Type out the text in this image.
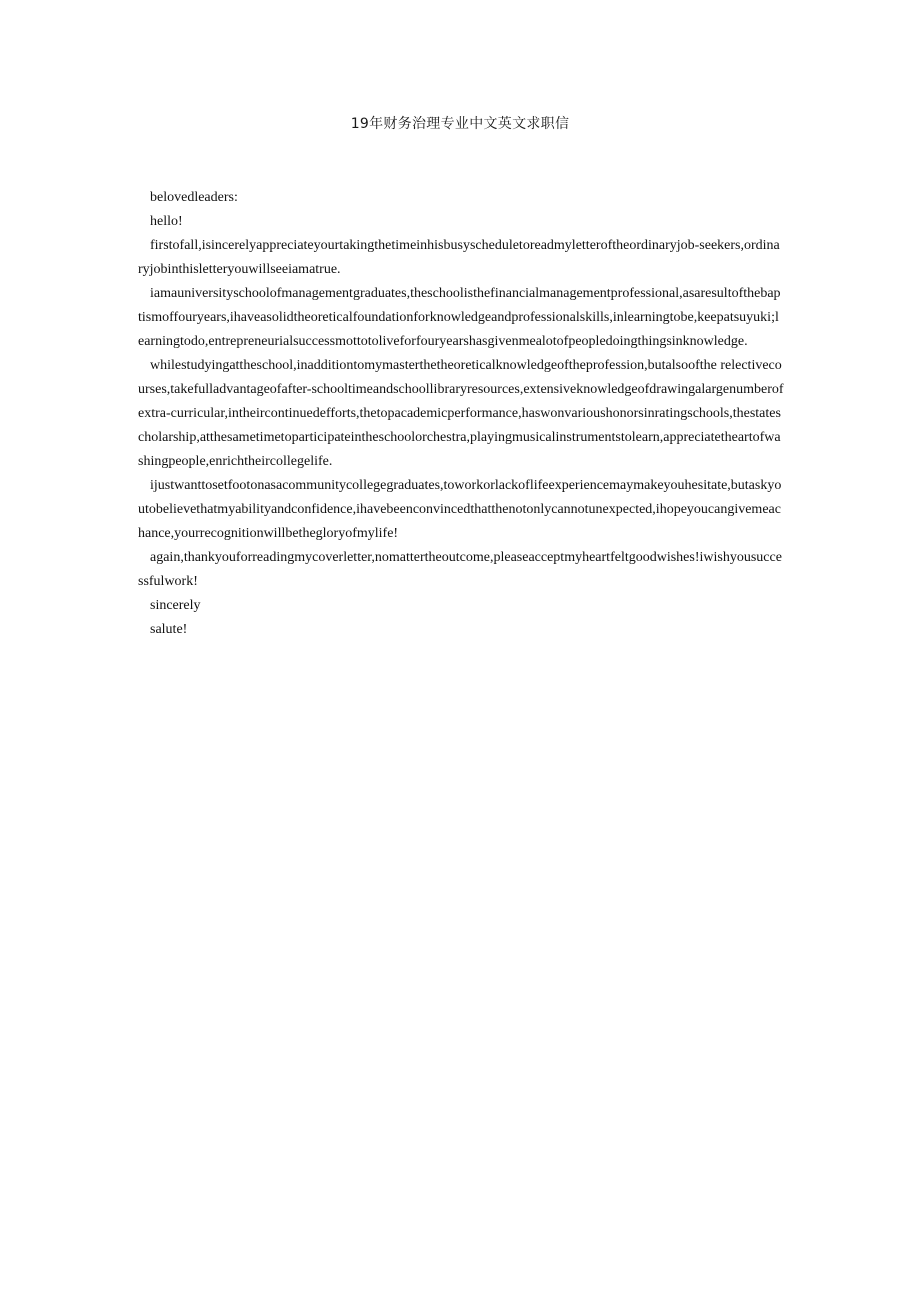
19年财务治理专业中文英文求职信

belovedleaders:

hello!

firstofall,isincerelyappreciateyourtakingthetimeinhisbusyscheduletoreadmyletteroftheordinaryjob-seekers,ordinaryjobinthisletteryouwillseeiamatrue.

iamauniversityschoolofmanagementgraduates,theschoolisthefinancialmanagementprofessional,asaresultofthebaptismoffouryears,ihaveasolidtheoreticalfoundationforknowledgeandprofessionalskills,inlearningtobe,keepatsuyuki;learningtodo,entrepreneurialsuccessmottotoliveforfouryearshasgivenmealotofpeopledoingthingsinknowledge.

whilestudyingattheschool,inadditiontomymasterthetheoreticalknowledgeoftheprofession,butalsoofthe relectivecourses,takefulladvantageofafter-schooltimeandschoollibraryresources,extensiveknowledgeofdrawingalargenumberofextra-curricular,intheircontinuedefforts,thetopacademicperformance,haswonvarioushonorsinratingschools,thestatescholarship,atthesametimetoparticipateintheschoolorchestra,playingmusicalinstrumentstolearn,appreciatetheartofwashingpeople,enrichtheircollegelife.

ijustwanttosetfootonasacommunitycollegegraduates,toworkorlackoflifeexperiencemaymakeyouhesitate,butaskyoutobelievethatmyabilityandconfidence,ihavebeenconvincedthatthenotonlycannotunexpected,ihopeyoucangivemeachance,yourrecognitionwillbethegloryofmylife!

again,thankyouforreadingmycoverletter,nomattertheoutcome,pleaseacceptmyheartfeltgoodwishes!iwishyousuccessfulwork!

sincerely

salute!
